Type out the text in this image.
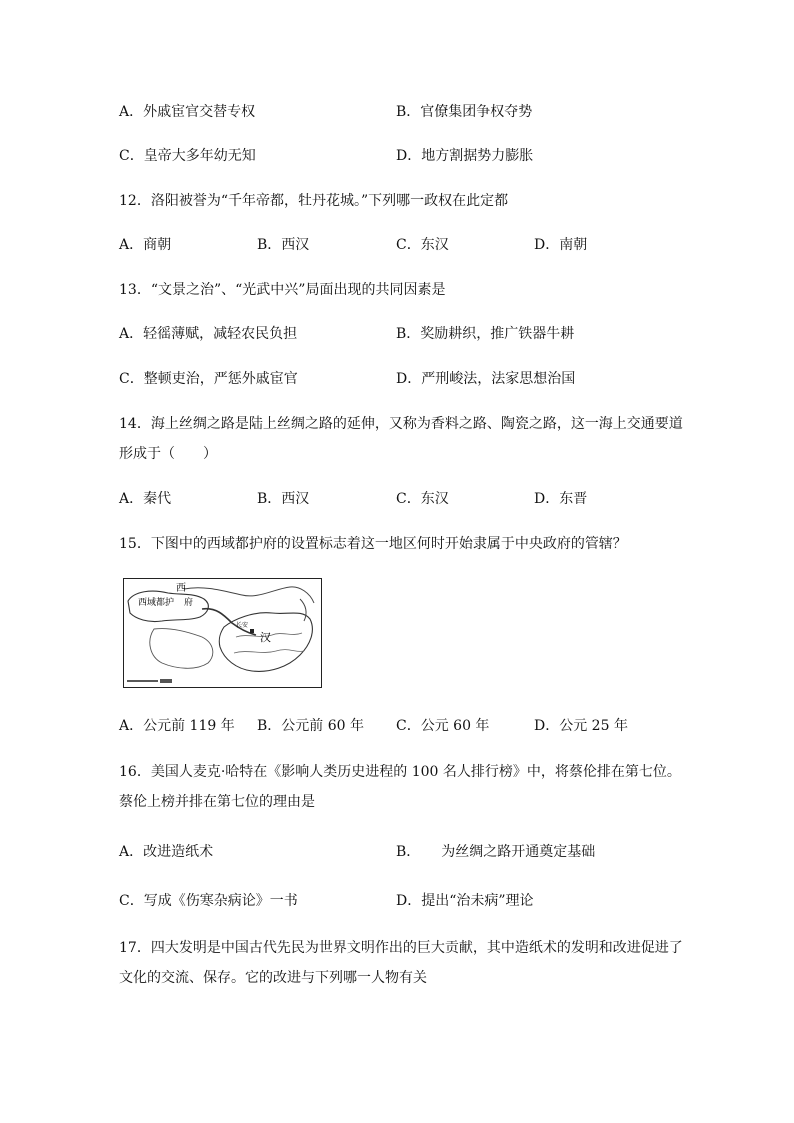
A．外戚宦官交替专权	B．官僚集团争权夺势
C．皇帝大多年幼无知	D．地方割据势力膨胀
12．洛阳被誉为“千年帝都，牡丹花城。”下列哪一政权在此定都
A．商朝	B．西汉	C．东汉	D．南朝
13．“文景之治”、“光武中兴”局面出现的共同因素是
A．轻徭薄赋，减轻农民负担	B．奖励耕织，推广铁器牛耕
C．整顿吏治，严惩外戚宦官	D．严刑峻法，法家思想治国
14．海上丝绸之路是陆上丝绸之路的延伸，又称为香料之路、陶瓷之路，这一海上交通要道
形成于（　　）
A．秦代	B．西汉	C．东汉	D．东晋
15．下图中的西域都护府的设置标志着这一地区何时开始隶属于中央政府的管辖？
西
西域都护 府
长安
汉
A．公元前 119 年 B．公元前 60 年 C．公元 60 年	D．公元 25 年
16．美国人麦克·哈特在《影响人类历史进程的 100 名人排行榜》中，将蔡伦排在第七位。
蔡伦上榜并排在第七位的理由是
A．改进造纸术	B．　　为丝绸之路开通奠定基础
C．写成《伤寒杂病论》一书	D．提出“治未病”理论
17．四大发明是中国古代先民为世界文明作出的巨大贡献，其中造纸术的发明和改进促进了
文化的交流、保存。它的改进与下列哪一人物有关
